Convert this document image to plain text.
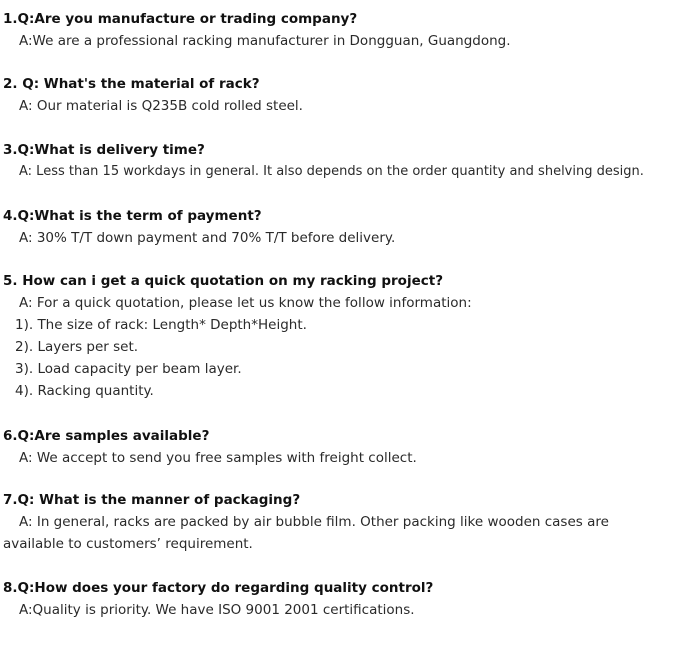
1.Q:Are you manufacture or trading company?
A:We are a professional racking manufacturer in Dongguan, Guangdong.
2. Q: What's the material of rack?
A: Our material is Q235B cold rolled steel.
3.Q:What is delivery time?
A: Less than 15 workdays in general. It also depends on the order quantity and shelving design.
4.Q:What is the term of payment?
A: 30% T/T down payment and 70% T/T before delivery.
5. How can i get a quick quotation on my racking project?
A: For a quick quotation, please let us know the follow information:
1). The size of rack: Length* Depth*Height.
2). Layers per set.
3). Load capacity per beam layer.
4). Racking quantity.
6.Q:Are samples available?
A: We accept to send you free samples with freight collect.
7.Q: What is the manner of packaging?
A: In general, racks are packed by air bubble film. Other packing like wooden cases are
available to customers’ requirement.
8.Q:How does your factory do regarding quality control?
A:Quality is priority. We have ISO 9001 2001 certifications.
